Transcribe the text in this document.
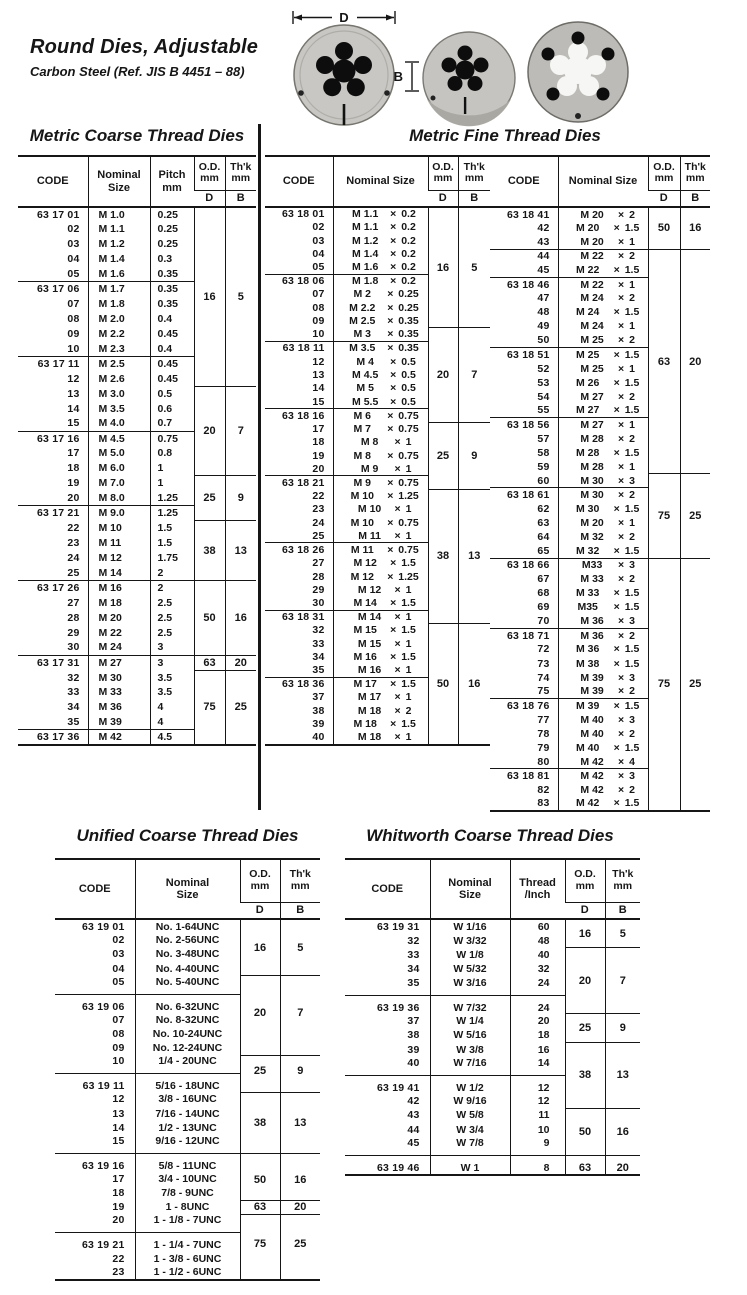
Round Dies, Adjustable
Carbon Steel (Ref. JIS B 4451 – 88)
D
B
Metric Coarse Thread Dies	Metric Fine Thread Dies
Unified Coarse Thread Dies	Whitworth Coarse Thread Dies
CODE	
Nominal
Size

Pitch
mm

O.D.
mm

Th'k
mm

			D	B
63 17 01	M 1.0	0.25	16	5
02	M 1.1	0.25		
03	M 1.2	0.25		
04	M 1.4	0.3		
05	M 1.6	0.35		
63 17 06	M 1.7	0.35		
07	M 1.8	0.35		
08	M 2.0	0.4		
09	M 2.2	0.45		
10	M 2.3	0.4		
63 17 11	M 2.5	0.45		
12	M 2.6	0.45		
13	M 3.0	0.5	20	7
14	M 3.5	0.6		
15	M 4.0	0.7		
63 17 16	M 4.5	0.75		
17	M 5.0	0.8		
18	M 6.0	1		
19	M 7.0	1	25	9
20	M 8.0	1.25		
63 17 21	M 9.0	1.25		
22	M 10	1.5	38	13
23	M 11	1.5		
24	M 12	1.75		
25	M 14	2		
63 17 26	M 16	2	50	16
27	M 18	2.5		
28	M 20	2.5		
29	M 22	2.5		
30	M 24	3		
63 17 31	M 27	3	63	20
32	M 30	3.5	75	25
33	M 33	3.5		
34	M 36	4		
35	M 39	4		
63 17 36	M 42	4.5		
CODE	Nominal Size

O.D.
mm

Th'k
mm

		D	B
63 18 01	M 1.1 × 0.2	16	5
02	M 1.1 × 0.2		
03	M 1.2 × 0.2		
04	M 1.4 × 0.2		
05	M 1.6 × 0.2		
63 18 06	M 1.8 × 0.2		
07	M 2 × 0.25		
08	M 2.2 × 0.25		
09	M 2.5 × 0.35		
10	M 3 × 0.35	20	7
63 18 11	M 3.5 × 0.35		
12	M 4 × 0.5		
13	M 4.5 × 0.5		
14	M 5 × 0.5		
15	M 5.5 × 0.5		
63 18 16	M 6 × 0.75		
17	M 7 × 0.75	25	9
18	M 8 × 1		
19	M 8 × 0.75		
20	M 9 × 1		
63 18 21	M 9 × 0.75		
22	M 10 × 1.25	38	13
23	M 10 × 1		
24	M 10 × 0.75		
25	M 11 × 1		
63 18 26	M 11 × 0.75		
27	M 12 × 1.5		
28	M 12 × 1.25		
29	M 12 × 1		
30	M 14 × 1.5		
63 18 31	M 14 × 1		
32	M 15 × 1.5	50	16
33	M 15 × 1		
34	M 16 × 1.5		
35	M 16 × 1		
63 18 36	M 17 × 1.5		
37	M 17 × 1		
38	M 18 × 2		
39	M 18 × 1.5		
40	M 18 × 1		
CODE	Nominal Size

O.D.
mm

Th'k
mm

		D	B
63 18 41	M 20 × 2	50	16
42	M 20 × 1.5		
43	M 20 × 1		
44	M 22 × 2	63	20
45	M 22 × 1.5		
63 18 46	M 22 × 1		
47	M 24 × 2		
48	M 24 × 1.5		
49	M 24 × 1		
50	M 25 × 2		
63 18 51	M 25 × 1.5		
52	M 25 × 1		
53	M 26 × 1.5		
54	M 27 × 2		
55	M 27 × 1.5		
63 18 56	M 27 × 1		
57	M 28 × 2		
58	M 28 × 1.5		
59	M 28 × 1		
60	M 30 × 3	75	25
63 18 61	M 30 × 2		
62	M 30 × 1.5		
63	M 20 × 1		
64	M 32 × 2		
65	M 32 × 1.5		
63 18 66	M33 × 3	75	25
67	M 33 × 2		
68	M 33 × 1.5		
69	M35 × 1.5		
70	M 36 × 3		
63 18 71	M 36 × 2		
72	M 36 × 1.5		
73	M 38 × 1.5		
74	M 39 × 3		
75	M 39 × 2		
63 18 76	M 39 × 1.5		
77	M 40 × 3		
78	M 40 × 2		
79	M 40 × 1.5		
80	M 42 × 4		
63 18 81	M 42 × 3		
82	M 42 × 2		
83	M 42 × 1.5		
CODE	
Nominal
Size

O.D.
mm

Th'k
mm

		D	B
63 19 01	No. 1-64UNC	16	5
02	No. 2-56UNC		
03	No. 3-48UNC		
04	No. 4-40UNC		
05	No. 5-40UNC	20	7
63 19 06	No. 6-32UNC		
07	No. 8-32UNC		
08	No. 10-24UNC		
09	No. 12-24UNC		
10	1/4 - 20UNC	25	9
63 19 11	5/16 - 18UNC		
12	3/8 - 16UNC	38	13
13	7/16 - 14UNC		
14	1/2 - 13UNC		
15	9/16 - 12UNC		
63 19 16	5/8 - 11UNC	50	16
17	3/4 - 10UNC		
18	7/8 - 9UNC		
19	1 - 8UNC	63	20
20	1 - 1/8 - 7UNC	75	25
63 19 21	1 - 1/4 - 7UNC		
22	1 - 3/8 - 6UNC		
23	1 - 1/2 - 6UNC		
CODE	
Nominal
Size

Thread
/Inch

O.D.
mm

Th'k
mm

			D	B
63 19 31	W 1/16	60	16	5
32	W 3/32	48		
33	W 1/8	40	20	7
34	W 5/32	32		
35	W 3/16	24		
63 19 36	W 7/32	24		
37	W 1/4	20	25	9
38	W 5/16	18		
39	W 3/8	16	38	13
40	W 7/16	14		
63 19 41	W 1/2	12		
42	W 9/16	12		
43	W 5/8	11	50	16
44	W 3/4	10		
45	W 7/8	9		
63 19 46	W 1	8	63	20
